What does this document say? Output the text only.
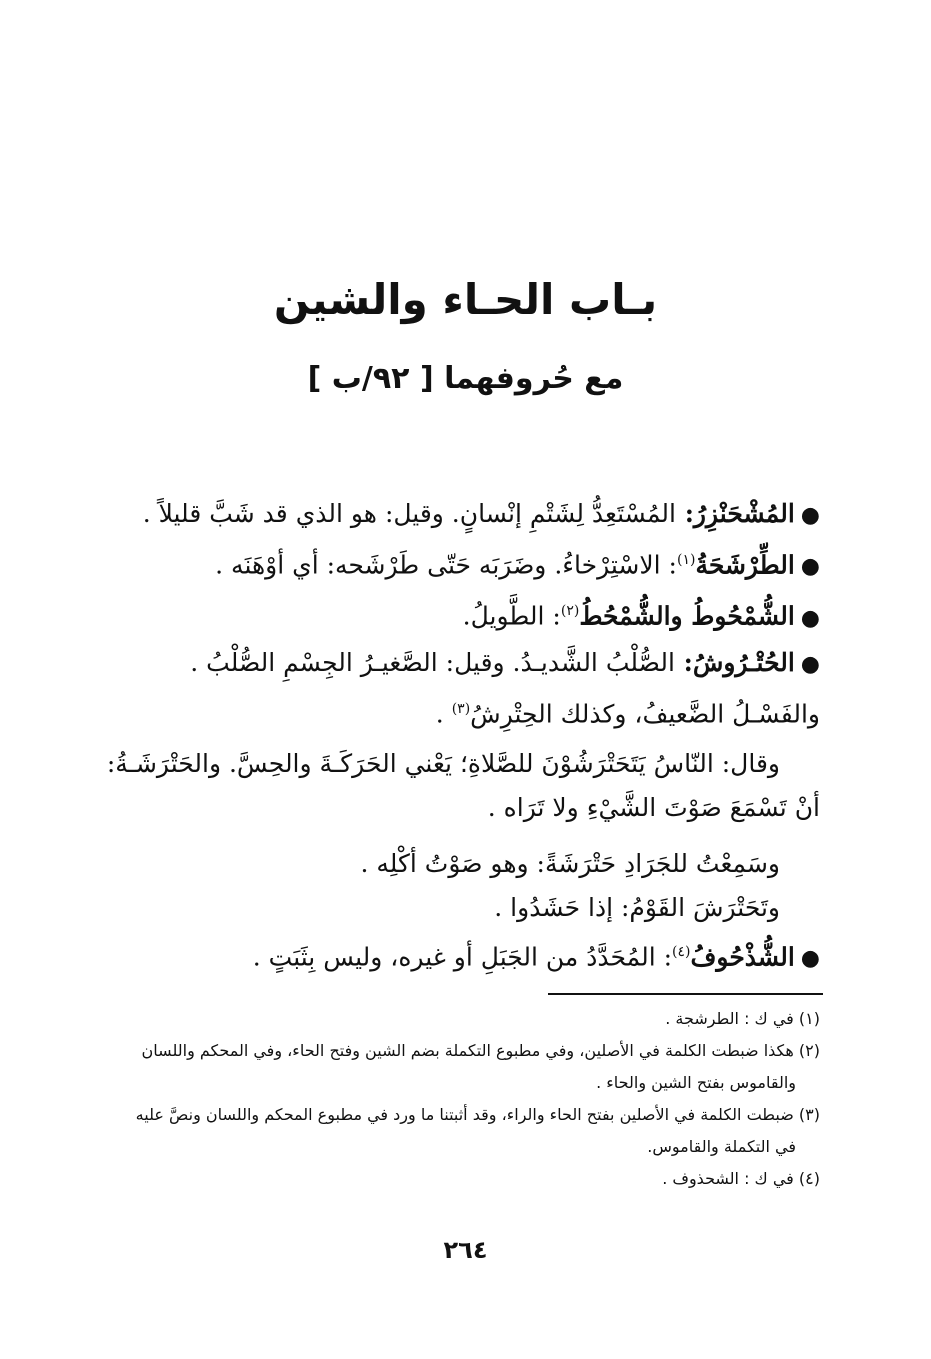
بـاب الحـاء والشين
مع حُروفهما [ ٩٢/ب ]
●المُشْحَنْزِرُ: المُسْتَعِدُّ لِشَتْمِ إنْسانٍ. وقيل: هو الذي قد شَبَّ قليلاً .
●الطِّرْشَحَةُ$^{(١)}$: الاسْتِرْخاءُ. وضَرَبَه حَتّى طَرْشَحه: أي أوْهَنَه .
●الشُّمْحُوطُ والشُّمْحُطُ$^{(٢)}$: الطَّويلُ.
●الحُتْـرُوشُ: الصُّلْبُ الشَّديـدُ. وقيل: الصَّغيـرُ الجِسْمِ الصُّلْبُ . والفَسْـلُ الضَّعيفُ، وكذلك الحِتْرِشُ$^{(٣)}$ .
وقال: النّاسُ يَتَحَتْرَشُوْنَ للصَّلاةِ؛ يَعْني الحَرَكَـةَ والحِسَّ. والحَتْرَشَـةُ: أنْ تَسْمَعَ صَوْتَ الشَّيْءِ ولا تَرَاه .
وسَمِعْتُ للجَرَادِ حَتْرَشَةً: وهو صَوْتُ أكْلِه .
وتَحَتْرَشَ القَوْمُ: إذا حَشَدُوا .
●الشُّذْحُوفُ$^{(٤)}$: المُحَدَّدُ من الجَبَلِ أو غيره، وليس بِثَبَتٍ .
(١) في ك : الطرشجة .
(٢) هكذا ضبطت الكلمة في الأصلين، وفي مطبوع التكملة بضم الشين وفتح الحاء، وفي المحكم واللسان
والقاموس بفتح الشين والحاء .
(٣) ضبطت الكلمة في الأصلين بفتح الحاء والراء، وقد أثبتنا ما ورد في مطبوع المحكم واللسان ونصَّ عليه
في التكملة والقاموس.
(٤) في ك : الشحذوف .
٢٦٤
